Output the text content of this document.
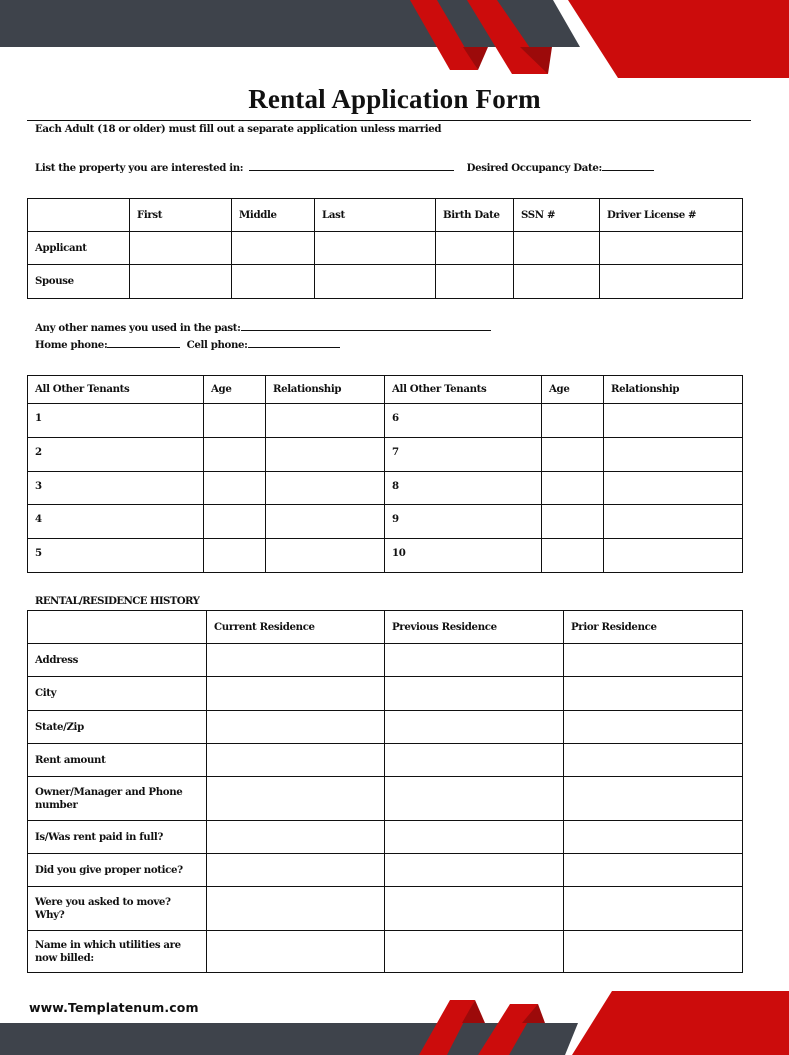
Rental Application Form
Each Adult (18 or older) must fill out a separate application unless married
List the property you are interested in:	Desired Occupancy Date:
	First	Middle	Last	Birth Date	SSN #	Driver License #
Applicant						
Spouse						
Any other names you used in the past:
Home phone:	Cell phone:
All Other Tenants	Age	Relationship	All Other Tenants	Age	Relationship
1			6		
2			7		
3			8		
4			9		
5			10		
RENTAL/RESIDENCE HISTORY
	Current Residence	Previous Residence	Prior Residence
Address			
City			
State/Zip			
Rent amount			
Owner/Manager and Phone number			
Is/Was rent paid in full?			
Did you give proper notice?			
Were you asked to move? Why?			
Name in which utilities are now billed:			
www.Templatenum.com
